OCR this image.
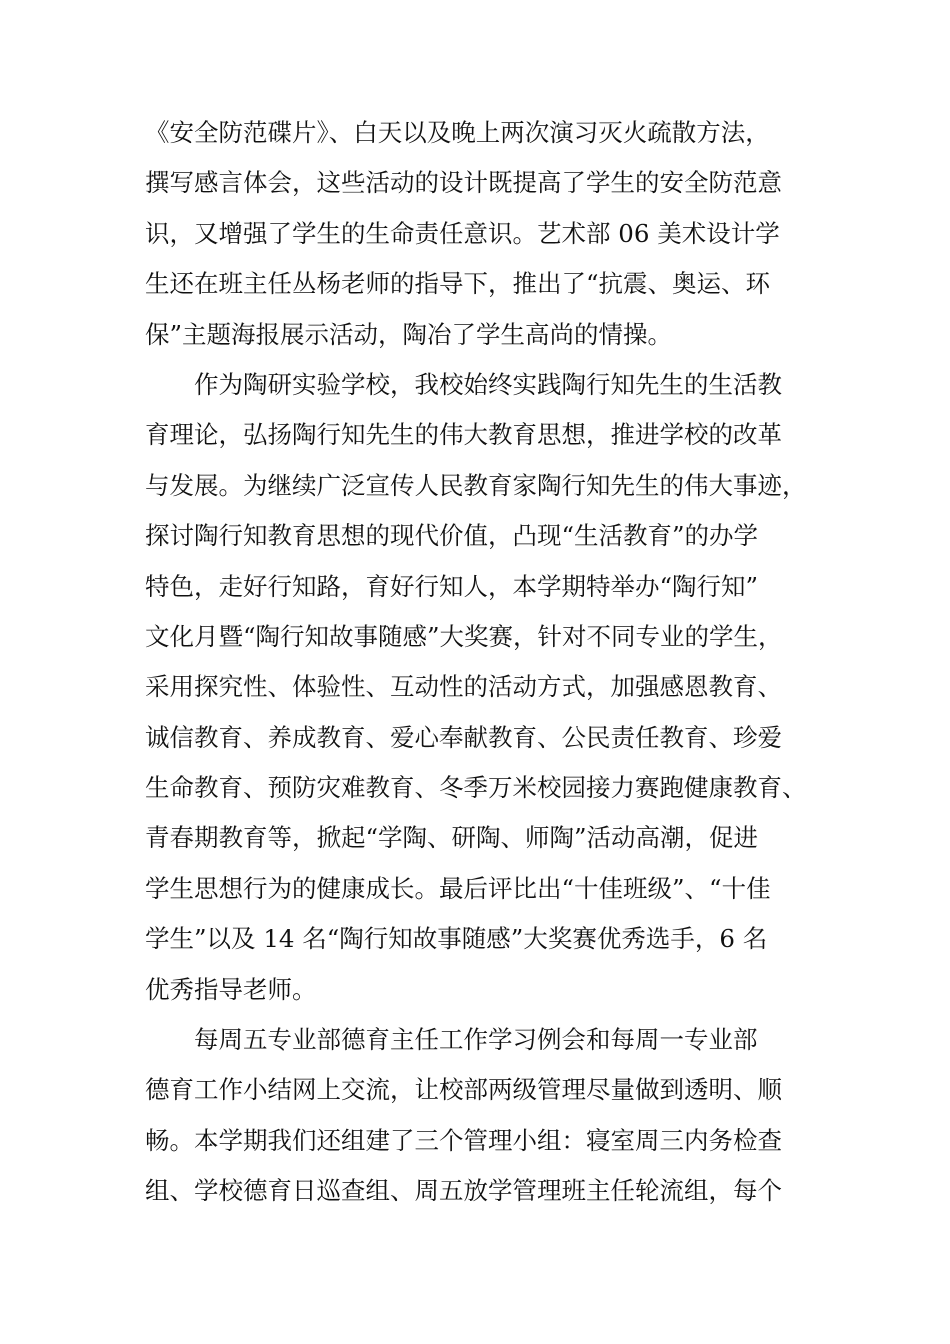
《安全防范碟片》、白天以及晚上两次演习灭火疏散方法，
撰写感言体会，这些活动的设计既提高了学生的安全防范意
识，又增强了学生的生命责任意识。艺术部 06 美术设计学
生还在班主任丛杨老师的指导下，推出了“抗震、奥运、环
保”主题海报展示活动，陶冶了学生高尚的情操。
作为陶研实验学校，我校始终实践陶行知先生的生活教
育理论，弘扬陶行知先生的伟大教育思想，推进学校的改革
与发展。为继续广泛宣传人民教育家陶行知先生的伟大事迹，
探讨陶行知教育思想的现代价值，凸现“生活教育”的办学
特色，走好行知路，育好行知人，本学期特举办“陶行知”
文化月暨“陶行知故事随感”大奖赛，针对不同专业的学生，
采用探究性、体验性、互动性的活动方式，加强感恩教育、
诚信教育、养成教育、爱心奉献教育、公民责任教育、珍爱
生命教育、预防灾难教育、冬季万米校园接力赛跑健康教育、
青春期教育等，掀起“学陶、研陶、师陶”活动高潮，促进
学生思想行为的健康成长。最后评比出“十佳班级”、“十佳
学生”以及 14 名“陶行知故事随感”大奖赛优秀选手，6 名
优秀指导老师。
每周五专业部德育主任工作学习例会和每周一专业部
德育工作小结网上交流，让校部两级管理尽量做到透明、顺
畅。本学期我们还组建了三个管理小组：寝室周三内务检查
组、学校德育日巡查组、周五放学管理班主任轮流组，每个
